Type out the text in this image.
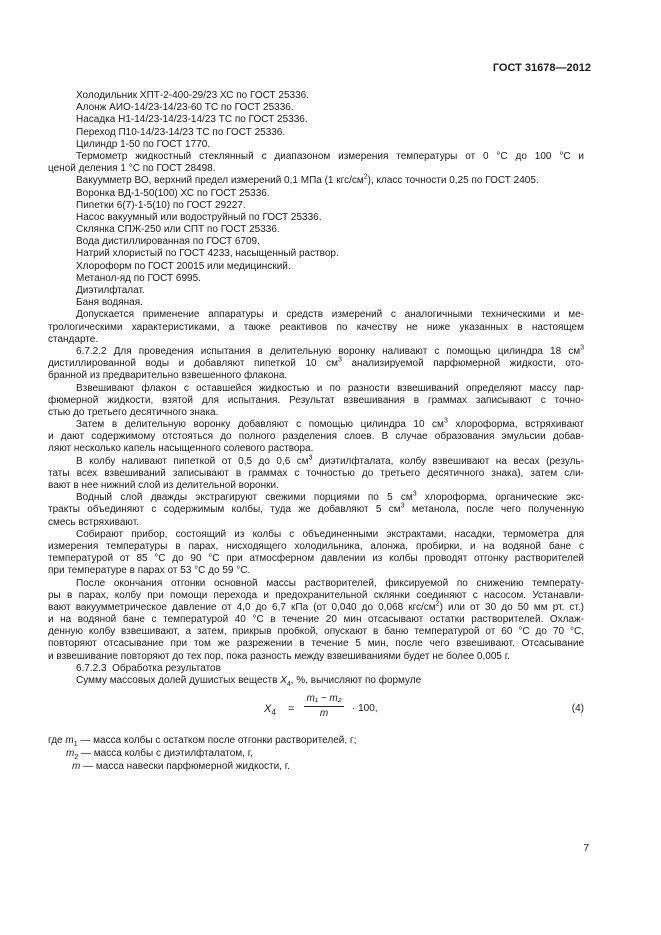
ГОСТ 31678—2012
Холодильник ХПТ-2-400-29/23 ХС по ГОСТ 25336.
Алонж АИО-14/23-14/23-60 ТС по ГОСТ 25336.
Насадка Н1-14/23-14/23-14/23 ТС по ГОСТ 25336.
Переход П10-14/23-14/23 ТС по ГОСТ 25336.
Цилиндр 1-50 по ГОСТ 1770.
Термометр жидкостный стеклянный с диапазоном измерения температуры от 0 °С до 100 °С и
ценой деления 1 °С по ГОСТ 28498.
Вакуумметр ВО, верхний предел измерений 0,1 МПа (1 кгс/$см^2$), класс точности 0,25 по ГОСТ 2405.
Воронка ВД-1-50(100) ХС по ГОСТ 25336.
Пипетки 6(7)-1-5(10) по ГОСТ 29227.
Насос вакуумный или водоструйный по ГОСТ 25336.
Склянка СПЖ-250 или СПТ по ГОСТ 25336.
Вода дистиллированная по ГОСТ 6709.
Натрий хлористый по ГОСТ 4233, насыщенный раствор.
Хлороформ по ГОСТ 20015 или медицинский.
Метанол-яд по ГОСТ 6995.
Диэтилфталат.
Баня водяная.
Допускается применение аппаратуры и средств измерений с аналогичными техническими и ме-
трологическими характеристиками, а также реактивов по качеству не ниже указанных в настоящем
стандарте.
6.7.2.2 Для проведения испытания в делительную воронку наливают с помощью цилиндра 18 $см^3$
дистиллированной воды и добавляют пипеткой 10 $см^3$ анализируемой парфюмерной жидкости, ото-
бранной из предварительно взвешенного флакона.
Взвешивают флакон с оставшейся жидкостью и по разности взвешиваний определяют массу пар-
фюмерной жидкости, взятой для испытания. Результат взвешивания в граммах записывают с точно-
стью до третьего десятичного знака.
Затем в делительную воронку добавляют с помощью цилиндра 10 $см^3$ хлороформа, встряхивают
и дают содержимому отстояться до полного разделения слоев. В случае образования эмульсии добав-
ляют несколько капель насыщенного солевого раствора.
В колбу наливают пипеткой от 0,5 до 0,6 $см^3$ диэтилфталата, колбу взвешивают на весах (резуль-
таты всех взвешиваний записывают в граммах с точностью до третьего десятичного знака), затем сли-
вают в нее нижний слой из делительной воронки.
Водный слой дважды экстрагируют свежими порциями по 5 $см^3$ хлороформа, органические экс-
тракты объединяют с содержимым колбы, туда же добавляют 5 $см^3$ метанола, после чего полученную
смесь встряхивают.
Собирают прибор, состоящий из колбы с объединенными экстрактами, насадки, термометра для
измерения температуры в парах, нисходящего холодильника, алонжа, пробирки, и на водяной бане с
температурой от 85 °С до 90 °С при атмосферном давлении из колбы проводят отгонку растворителей
при температуре в парах от 53 °С до 59 °С.
После окончания отгонки основной массы растворителей, фиксируемой по снижению температу-
ры в парах, колбу при помощи перехода и предохранительной склянки соединяют с насосом. Устанавли-
вают вакуумметрическое давление от 4,0 до 6,7 кПа (от 0,040 до 0,068 кгс/$см^2$) или от 30 до 50 мм рт. ст.)
и на водяной бане с температурой 40 °С в течение 20 мин отсасывают остатки растворителей. Охлаж-
денную колбу взвешивают, а затем, прикрыв пробкой, опускают в баню температурой от 60 °С до 70 °С,
повторяют отсасывание при том же разрежении в течение 5 мин, после чего взвешивают. Отсасывание
и взвешивание повторяют до тех пор, пока разность между взвешиваниями будет не более 0,005 г.
6.7.2.3  Обработка результатов
Сумму массовых долей душистых веществ $X_4$, %, вычисляют по формуле
$X_4 = \frac{\text{m₁ − m₂}}{m} \cdot 100$,	(4)
где $m_1$ — масса колбы с остатком после отгонки растворителей, г;
$m_2$ — масса колбы с диэтилфталатом, г,
m — масса навески парфюмерной жидкости, г.
7
